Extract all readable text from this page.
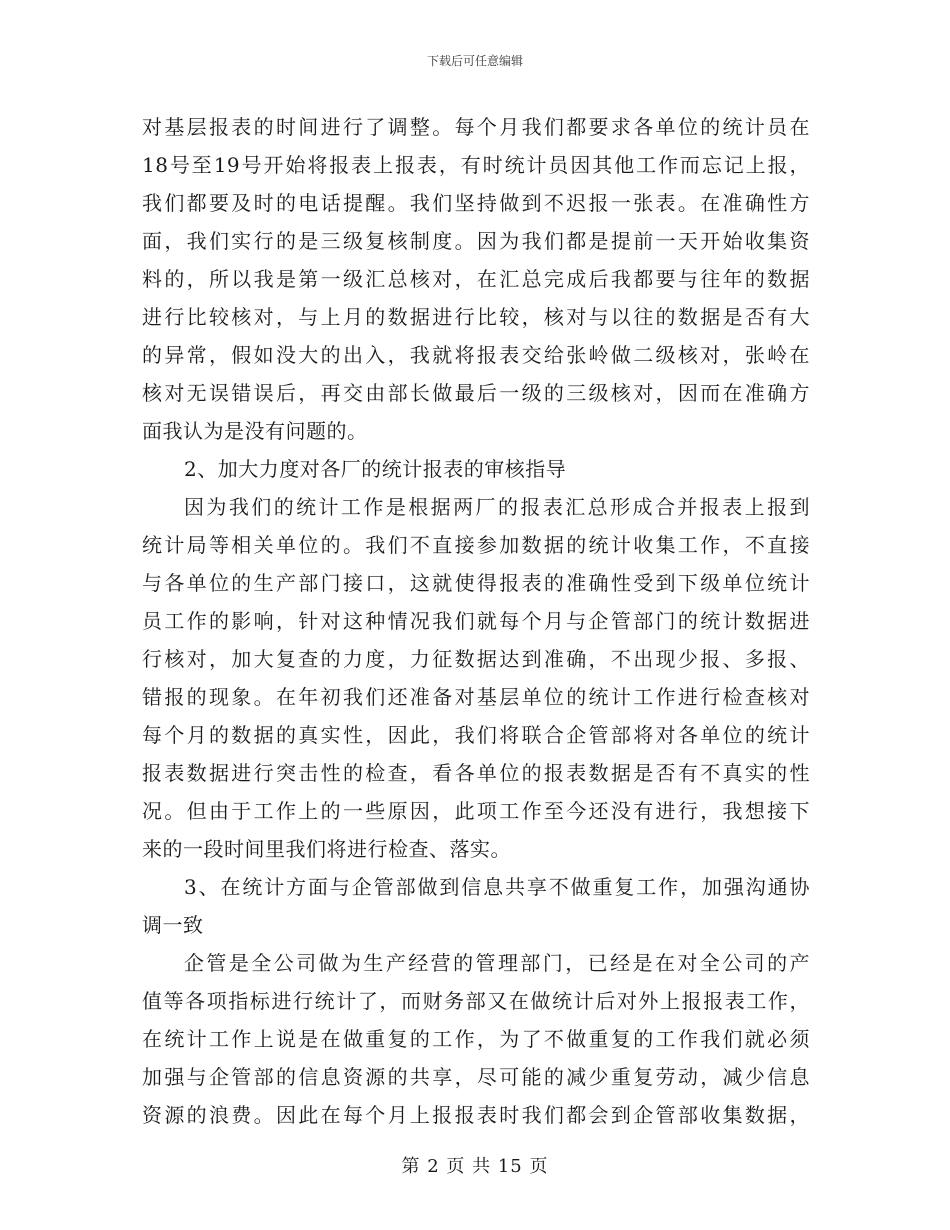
下载后可任意编辑
对基层报表的时间进行了调整。每个月我们都要求各单位的统计员在
18号至19号开始将报表上报表，有时统计员因其他工作而忘记上报，
我们都要及时的电话提醒。我们坚持做到不迟报一张表。在准确性方
面，我们实行的是三级复核制度。因为我们都是提前一天开始收集资
料的，所以我是第一级汇总核对，在汇总完成后我都要与往年的数据
进行比较核对，与上月的数据进行比较，核对与以往的数据是否有大
的异常，假如没大的出入，我就将报表交给张岭做二级核对，张岭在
核对无误错误后，再交由部长做最后一级的三级核对，因而在准确方
面我认为是没有问题的。
2、加大力度对各厂的统计报表的审核指导
因为我们的统计工作是根据两厂的报表汇总形成合并报表上报到
统计局等相关单位的。我们不直接参加数据的统计收集工作，不直接
与各单位的生产部门接口，这就使得报表的准确性受到下级单位统计
员工作的影响，针对这种情况我们就每个月与企管部门的统计数据进
行核对，加大复查的力度，力征数据达到准确，不出现少报、多报、
错报的现象。在年初我们还准备对基层单位的统计工作进行检查核对
每个月的数据的真实性，因此，我们将联合企管部将对各单位的统计
报表数据进行突击性的检查，看各单位的报表数据是否有不真实的性
况。但由于工作上的一些原因，此项工作至今还没有进行，我想接下
来的一段时间里我们将进行检查、落实。
3、在统计方面与企管部做到信息共享不做重复工作，加强沟通协
调一致
企管是全公司做为生产经营的管理部门，已经是在对全公司的产
值等各项指标进行统计了，而财务部又在做统计后对外上报报表工作，
在统计工作上说是在做重复的工作，为了不做重复的工作我们就必须
加强与企管部的信息资源的共享，尽可能的减少重复劳动，减少信息
资源的浪费。因此在每个月上报报表时我们都会到企管部收集数据，
第 2 页 共 15 页
